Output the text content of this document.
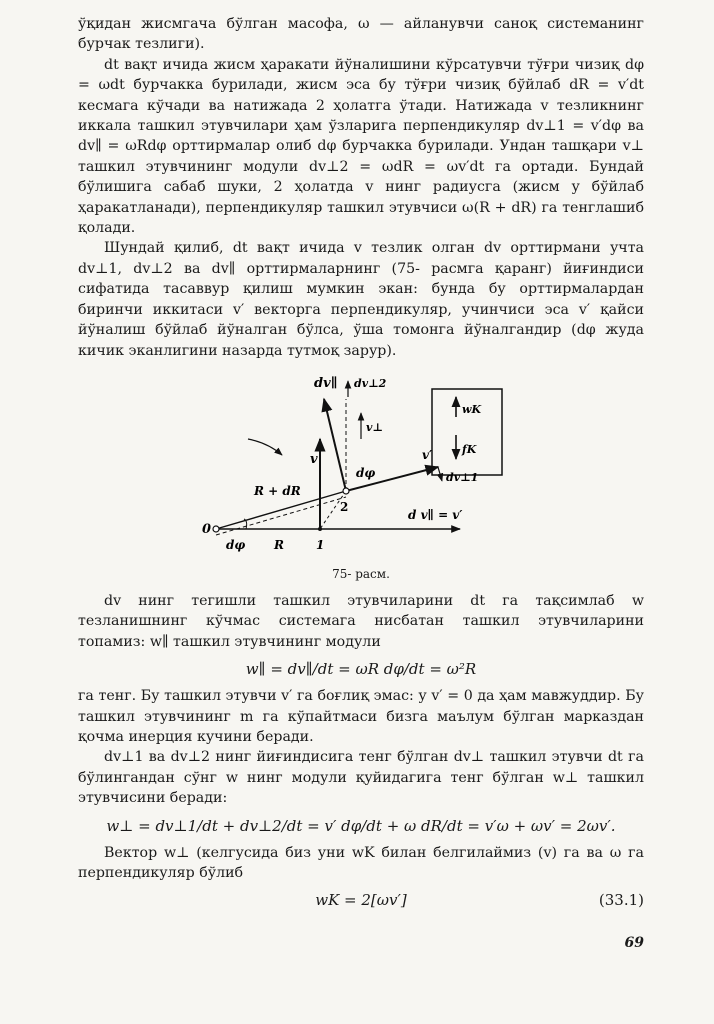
ўқидан жисмгача бўлган масофа, ω — айланувчи саноқ системанинг бурчак тезлиги).

dt вақт ичида жисм ҳаракати йўналишини кўрсатувчи тўғри чизиқ dφ = ωdt бурчакка бурилади, жисм эса бу тўғри чизиқ бўйлаб dR = v′dt кесмага кўчади ва натижада 2 ҳолатга ўтади. Натижада v тезликнинг иккала ташкил этувчилари ҳам ўзларига перпендикуляр dv⊥1 = v′dφ ва dv∥ = ωRdφ орттирмалар олиб dφ бурчакка бурилади. Ундан ташқари v⊥ ташкил этувчининг модули dv⊥2 = ωdR = ωv′dt га ортади. Бундай бўлишига сабаб шуки, 2 ҳолатда v нинг радиусга (жисм у бўйлаб ҳаракатланади), перпендикуляр ташкил этувчиси ω(R + dR) га тенглашиб қолади.

Шундай қилиб, dt вақт ичида v тезлик олган dv орттирмани учта dv⊥1, dv⊥2 ва dv∥ орттирмаларнинг (75- расмга қаранг) йиғиндиси сифатида тасаввур қилиш мумкин экан: бунда бу орттирмалардан биринчи иккитаси v′ векторга перпендикуляр, учинчиси эса v′ қайси йўналиш бўйлаб йўналган бўлса, ўша томонга йўналгандир (dφ жуда кичик эканлигини назарда тутмоқ зарур).

dv∥ dv⊥2
v⊥
v
dφ
v′
dv⊥1
R + dR
2
1
0
d v∥ = v′
dφ R
wK
fK
75- расм.

dv нинг тегишли ташкил этувчиларини dt га тақсимлаб w тезланишнинг кўчмас системага нисбатан ташкил этувчиларини топамиз: w∥ ташкил этувчининг модули

w∥ = dv∥/dt = ωR dφ/dt = ω²R

га тенг. Бу ташкил этувчи v′ га боғлиқ эмас: у v′ = 0 да ҳам мавжуддир. Бу ташкил этувчининг m га кўпайтмаси бизга маълум бўлган марказдан қочма инерция кучини беради.

dv⊥1 ва dv⊥2 нинг йиғиндисига тенг бўлган dv⊥ ташкил этувчи dt га бўлингандан сўнг w нинг модули қуйидагига тенг бўлган w⊥ ташкил этувчисини беради:

w⊥ = dv⊥1/dt + dv⊥2/dt = v′ dφ/dt + ω dR/dt = v′ω + ωv′ = 2ωv′.

Вектор w⊥ (келгусида биз уни wK билан белгилаймиз (v) га ва ω га перпендикуляр бўлиб

wK = 2[ωv′]	(33.1)
69
